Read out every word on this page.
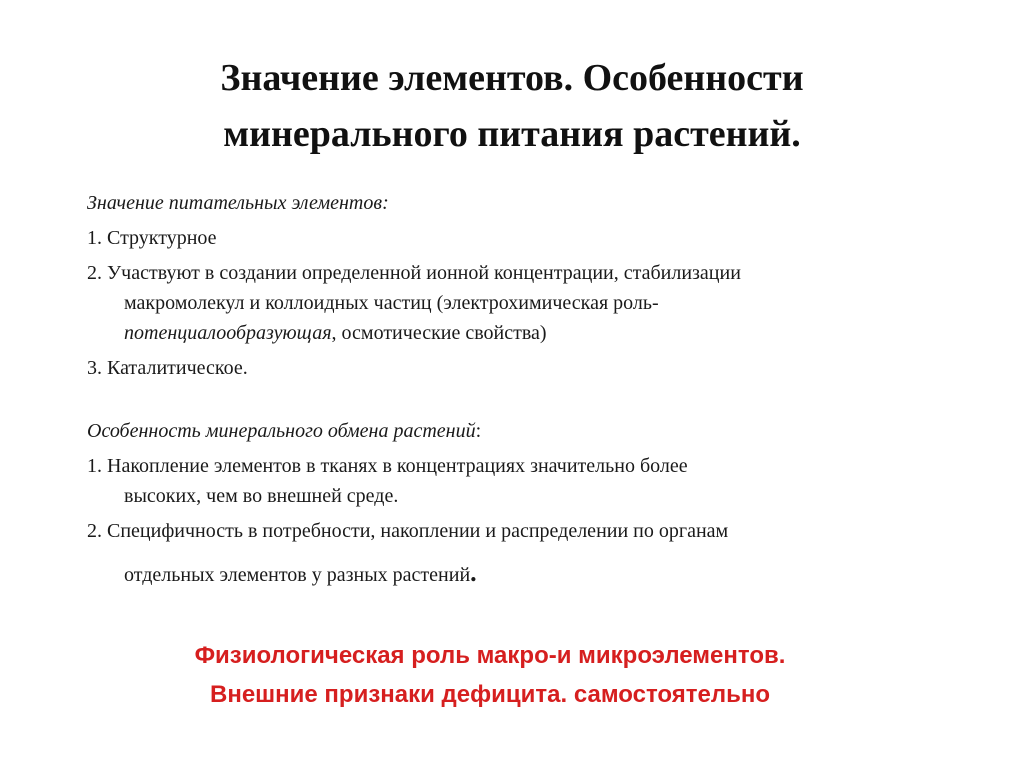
Значение элементов. Особенности
минерального питания растений.
Значение питательных элементов:
1. Структурное
2. Участвуют в создании определенной ионной концентрации, стабилизации
макромолекул и коллоидных частиц (электрохимическая роль-
потенциалообразующая, осмотические свойства)
3. Каталитическое.
Особенность минерального обмена растений:
1. Накопление элементов в тканях в концентрациях значительно более
высоких, чем во внешней среде.
2. Специфичность в потребности, накоплении и распределении по органам
отдельных элементов у разных растений.
Физиологическая роль макро-и микроэлементов.
Внешние признаки дефицита. самостоятельно
